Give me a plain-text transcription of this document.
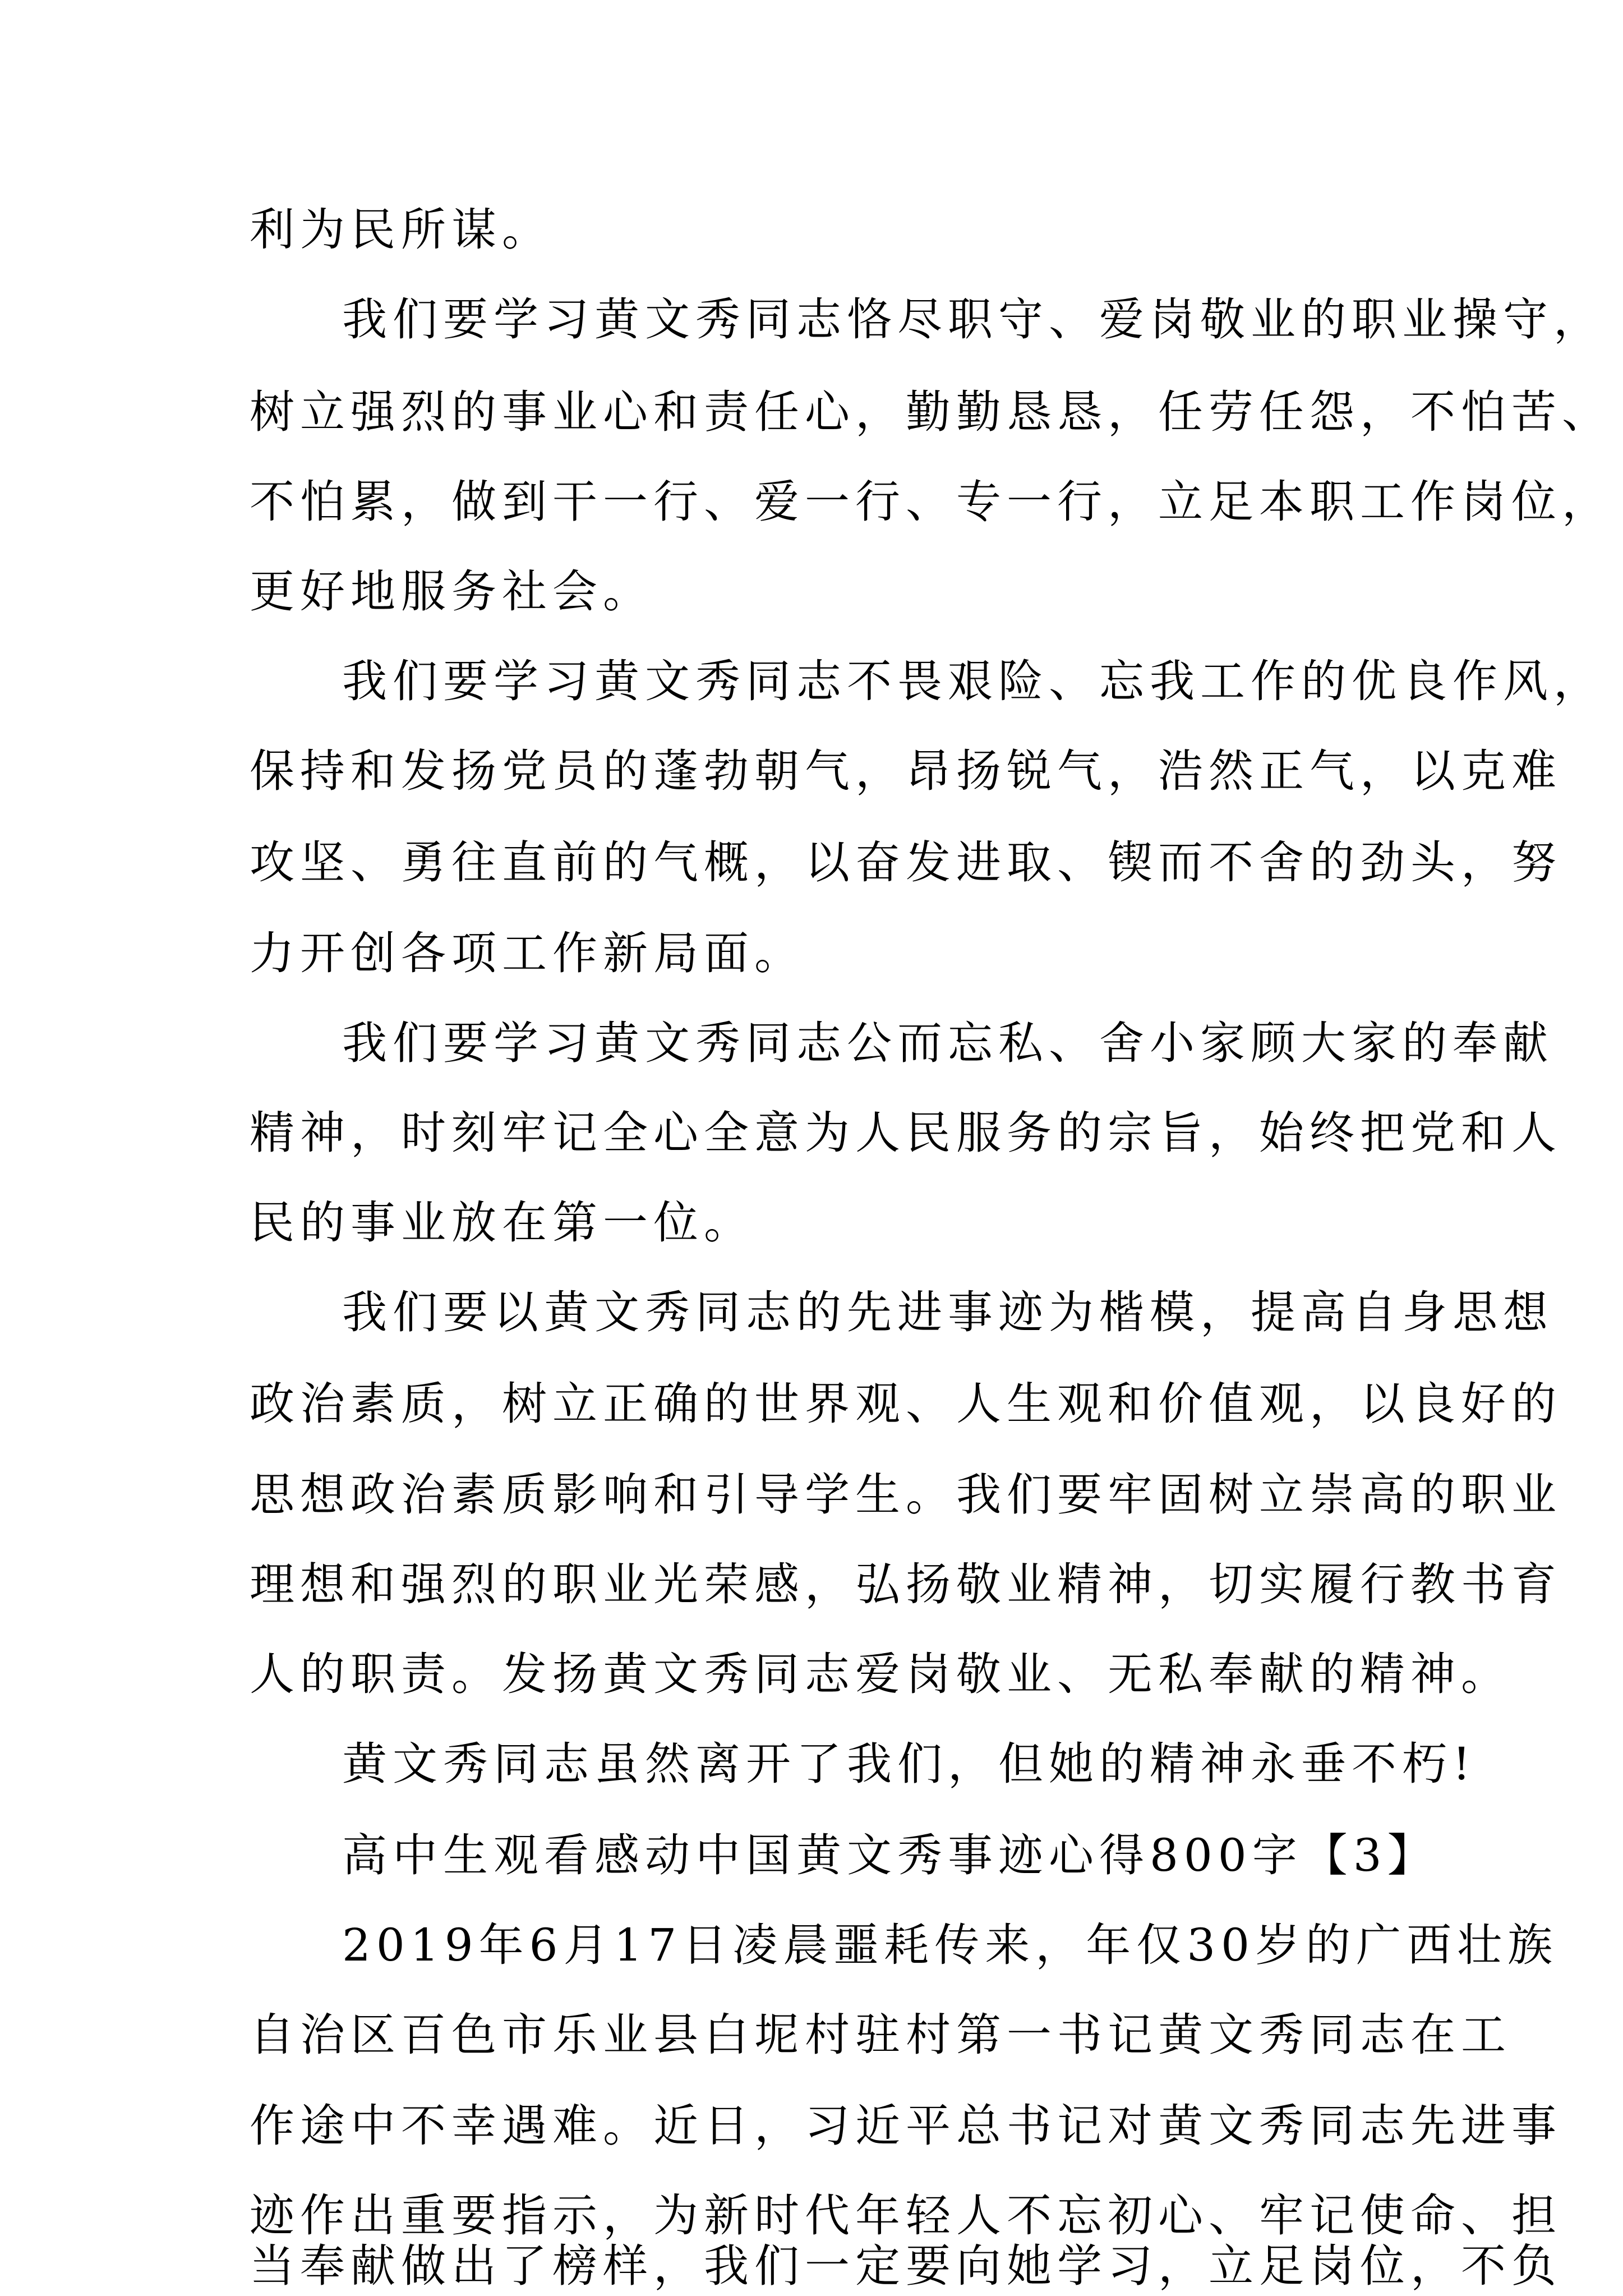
利为民所谋。
我们要学习黄文秀同志恪尽职守、爱岗敬业的职业操守，
树立强烈的事业心和责任心，勤勤恳恳，任劳任怨，不怕苦、
不怕累，做到干一行、爱一行、专一行，立足本职工作岗位，
更好地服务社会。
我们要学习黄文秀同志不畏艰险、忘我工作的优良作风，
保持和发扬党员的蓬勃朝气，昂扬锐气，浩然正气，以克难
攻坚、勇往直前的气概，以奋发进取、锲而不舍的劲头，努
力开创各项工作新局面。
我们要学习黄文秀同志公而忘私、舍小家顾大家的奉献
精神，时刻牢记全心全意为人民服务的宗旨，始终把党和人
民的事业放在第一位。
我们要以黄文秀同志的先进事迹为楷模，提高自身思想
政治素质，树立正确的世界观、人生观和价值观，以良好的
思想政治素质影响和引导学生。我们要牢固树立崇高的职业
理想和强烈的职业光荣感，弘扬敬业精神，切实履行教书育
人的职责。发扬黄文秀同志爱岗敬业、无私奉献的精神。
黄文秀同志虽然离开了我们，但她的精神永垂不朽!
高中生观看感动中国黄文秀事迹心得800字【3】
2019年6月17日凌晨噩耗传来，年仅30岁的广西壮族
自治区百色市乐业县白坭村驻村第一书记黄文秀同志在工
作途中不幸遇难。近日，习近平总书记对黄文秀同志先进事
迹作出重要指示，为新时代年轻人不忘初心、牢记使命、担
当奉献做出了榜样，我们一定要向她学习，立足岗位，不负
